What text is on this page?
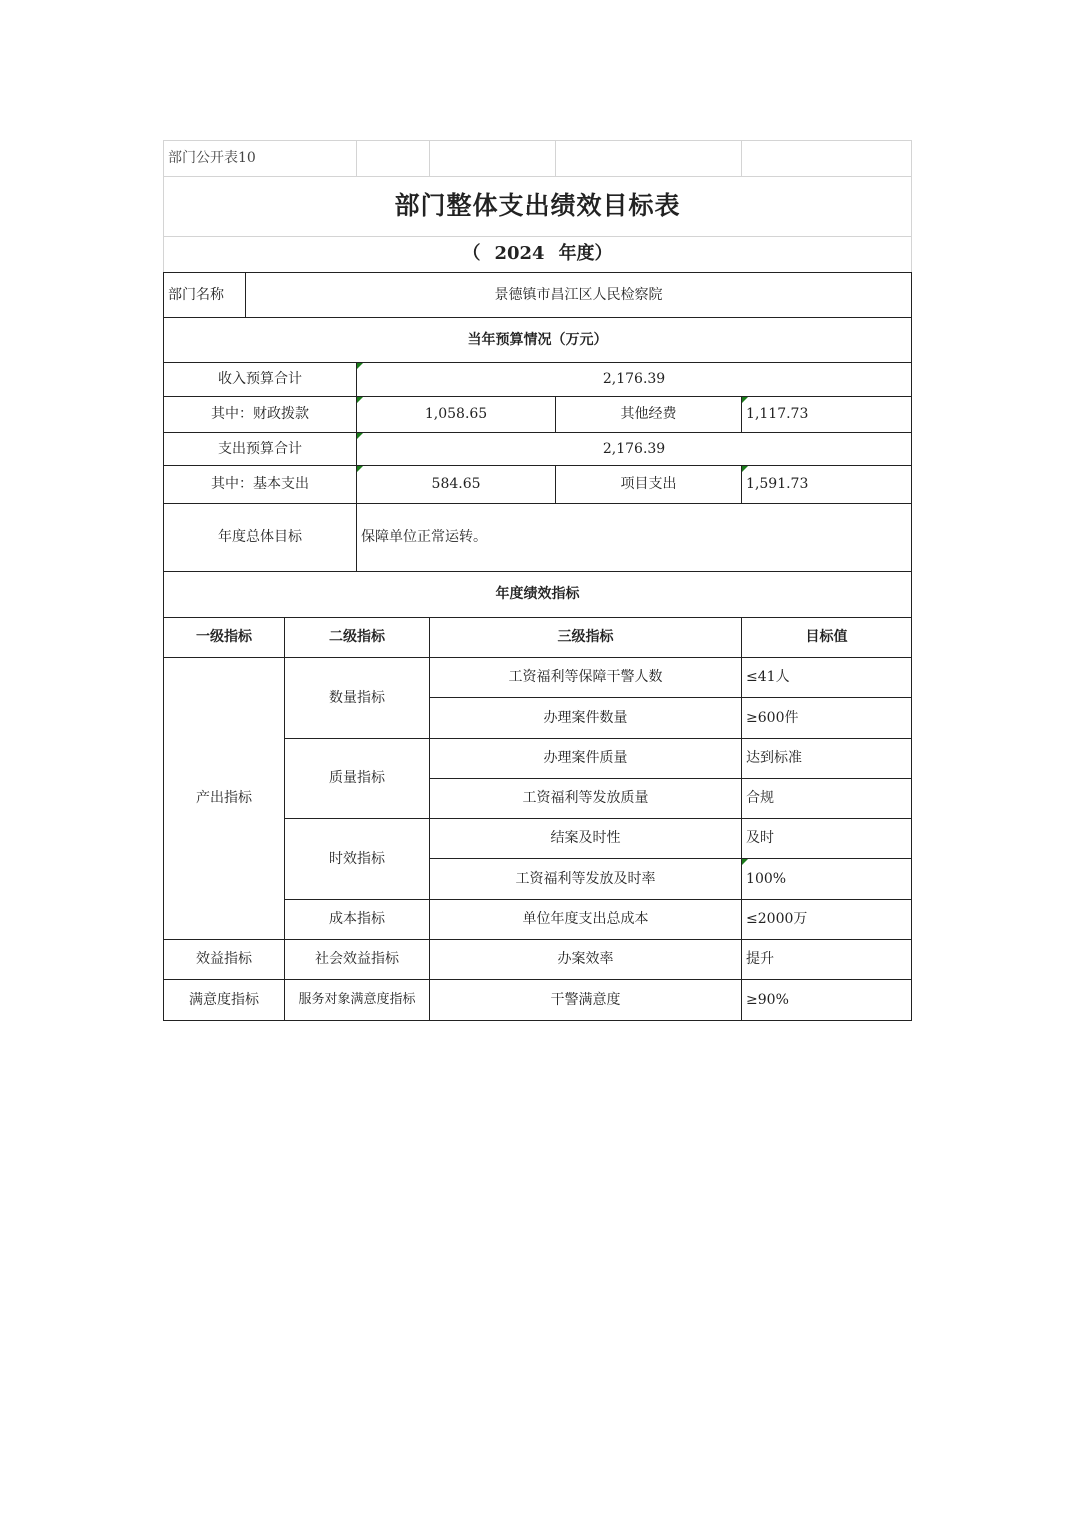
部门公开表10						
部门整体支出绩效目标表						
（ 2024 年度）						
部门名称	景德镇市昌江区人民检察院					
当年预算情况（万元）						
收入预算合计			2,176.39			
其中：财政拨款			1,058.65		其他经费	1,117.73
支出预算合计			2,176.39			
其中：基本支出			584.65		项目支出	1,591.73
年度总体目标			保障单位正常运转。			
年度绩效指标						
一级指标		二级指标		三级指标		目标值
产出指标		数量指标		工资福利等保障干警人数		≤41人
				办理案件数量		≥600件
		质量指标		办理案件质量		达到标准
				工资福利等发放质量		合规
		时效指标		结案及时性		及时
				工资福利等发放及时率		100%
		成本指标		单位年度支出总成本		≤2000万
效益指标		社会效益指标		办案效率		提升
满意度指标		服务对象满意度指标		干警满意度		≥90%
